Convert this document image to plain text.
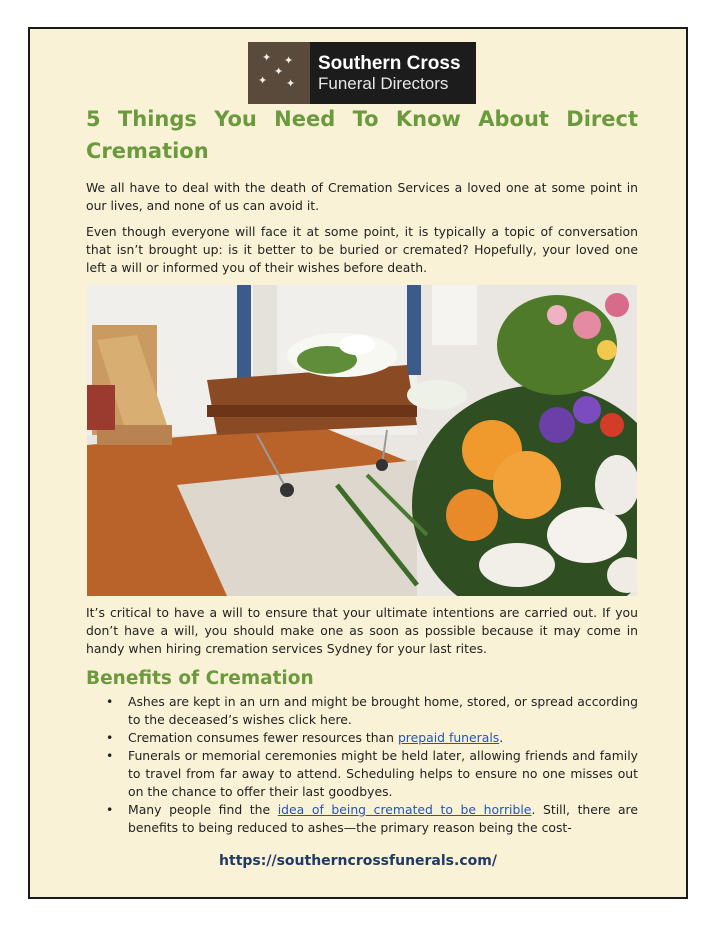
✦ ✦
✦
✦ ✦
Southern Cross
Funeral Directors
5 Things You Need To Know About Direct Cremation

We all have to deal with the death of Cremation Services a loved one at some point in our lives, and none of us can avoid it.

Even though everyone will face it at some point, it is typically a topic of conversation that isn’t brought up: is it better to be buried or cremated? Hopefully, your loved one left a will or informed you of their wishes before death.

It’s critical to have a will to ensure that your ultimate intentions are carried out. If you don’t have a will, you should make one as soon as possible because it may come in handy when hiring cremation services Sydney for your last rites.

Benefits of Cremation
• Ashes are kept in an urn and might be brought home, stored, or spread according to the deceased’s wishes click here.
• Cremation consumes fewer resources than prepaid funerals.
• Funerals or memorial ceremonies might be held later, allowing friends and family to travel from far away to attend. Scheduling helps to ensure no one misses out on the chance to offer their last goodbyes.
• Many people find the idea of being cremated to be horrible. Still, there are benefits to being reduced to ashes—the primary reason being the cost-
https://southerncrossfunerals.com/
